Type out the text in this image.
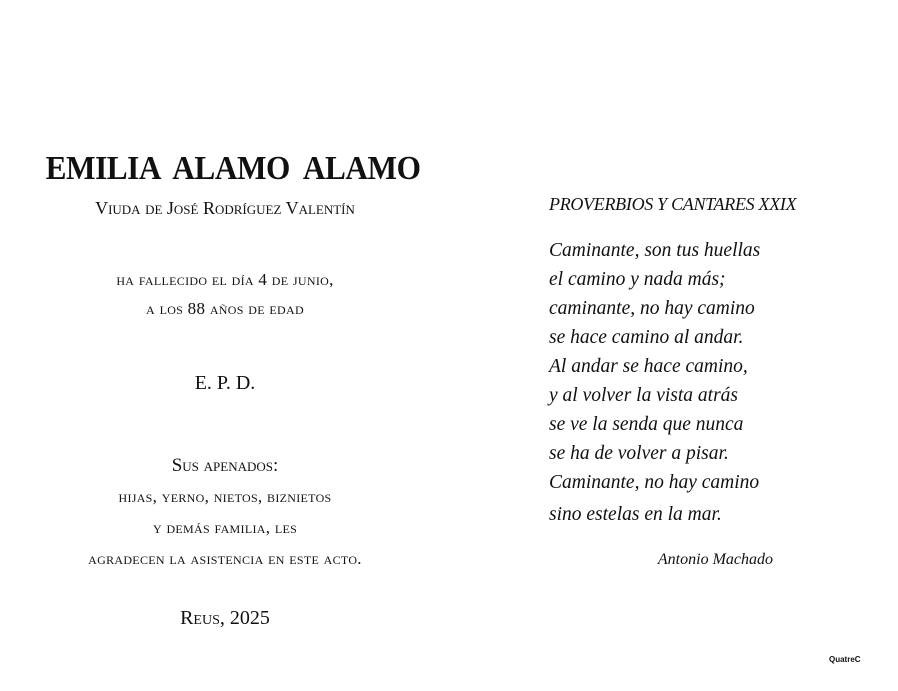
EMILIA  ALAMO  ALAMO
Viuda de José Rodríguez Valentín
ha fallecido el día 4 de junio,
a los 88 años de edad
E. P. D.
Sus apenados:
hijas, yerno, nietos, biznietos
y demás familia, les
agradecen la asistencia en este acto.
Reus, 2025
PROVERBIOS Y CANTARES XXIX
Caminante, son tus huellas
el camino y nada más;
caminante, no hay camino
se hace camino al andar.
Al andar se hace camino,
y al volver la vista atrás
se ve la senda que nunca
se ha de volver a pisar.
Caminante, no hay camino
sino estelas en la mar.
Antonio Machado
QuatreC
